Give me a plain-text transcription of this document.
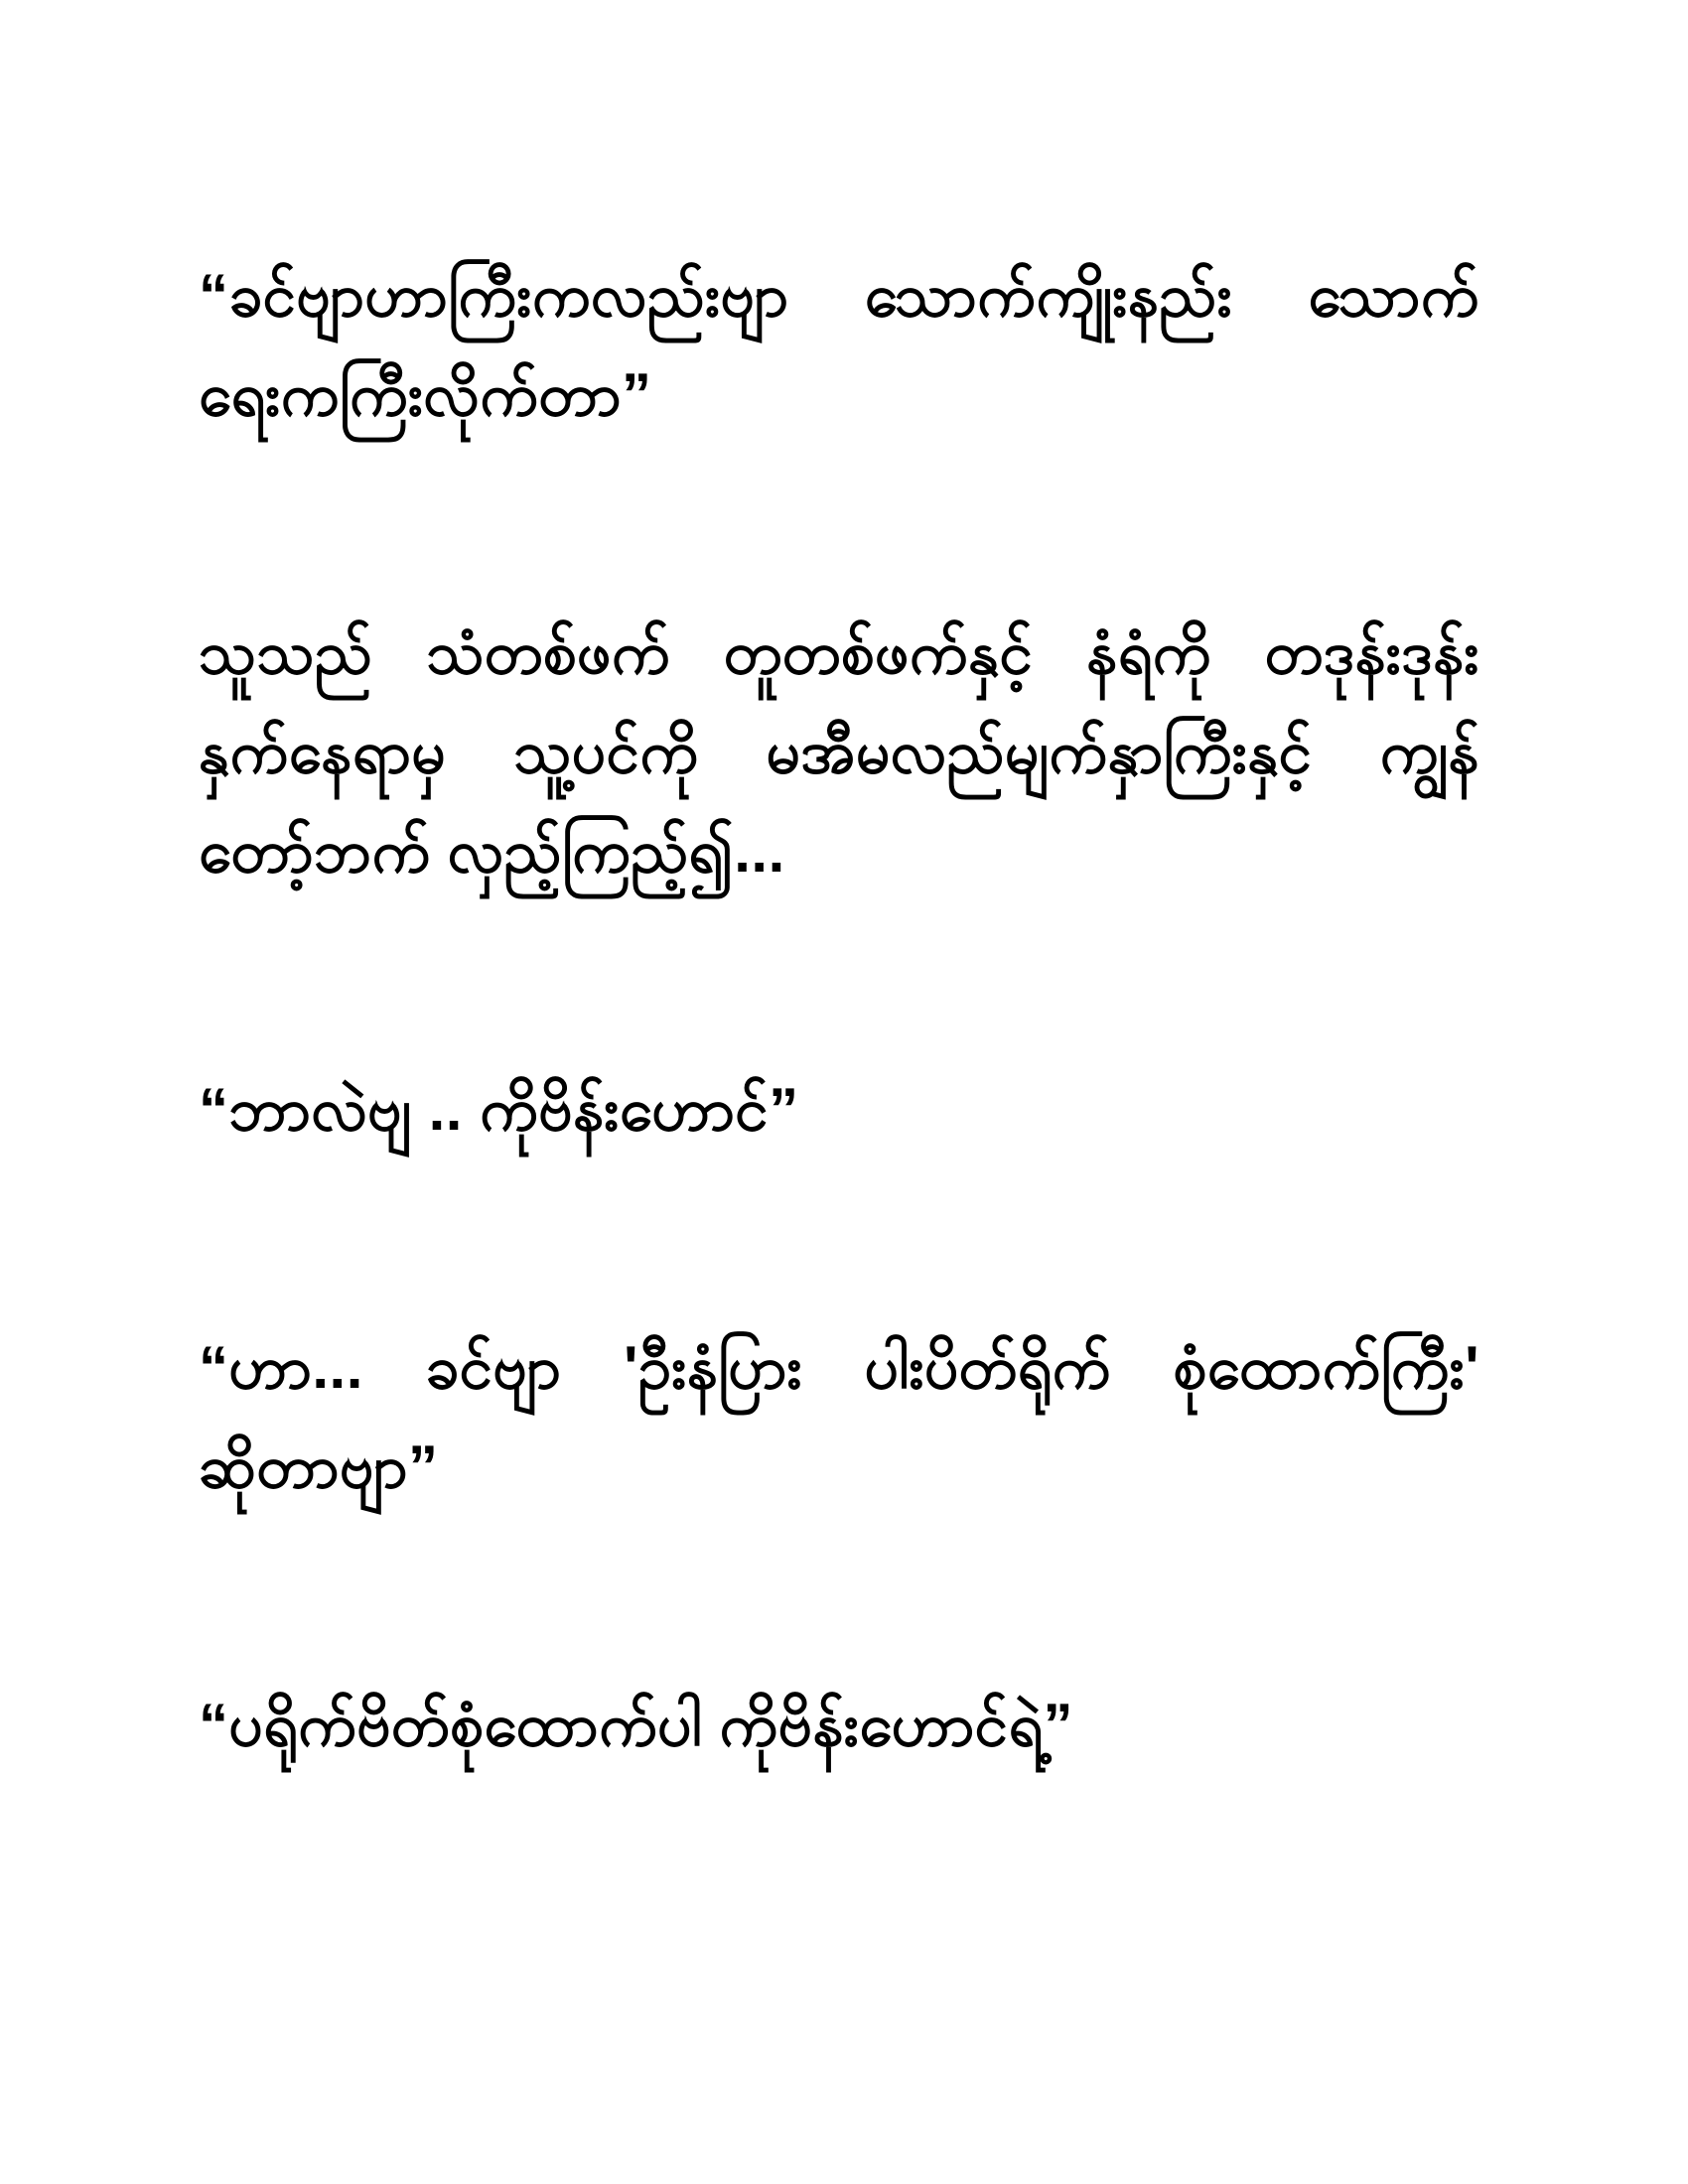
“ခင်ဗျာဟာကြီးကလည်းဗျာ သောက်ကျိုးနည်း သောက်
ရေးကကြီးလိုက်တာ”

သူသည် သံတစ်ဖက် တူတစ်ဖက်နှင့် နံရံကို တဒုန်းဒုန်း
နှက်နေရာမှ သူ့ပင်ကို မအီမလည်မျက်နှာကြီးနှင့် ကျွန်
တော့်ဘက် လှည့်ကြည့်၍...

“ဘာလဲဗျ .. ကိုဗိန်းဟောင်”

“ဟာ... ခင်ဗျာ 'ဦးနံပြား ပါးပိတ်ရိုက် စုံထောက်ကြီး'
ဆိုတာဗျာ”

“ပရိုက်ဗိတ်စုံထောက်ပါ ကိုဗိန်းဟောင်ရဲ့”
